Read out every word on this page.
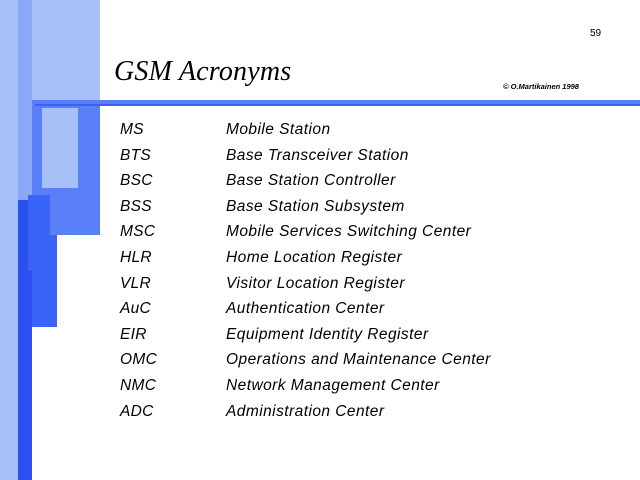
59
GSM Acronyms	© O.Martikainen 1998
MS	Mobile Station
BTS	Base Transceiver Station
BSC	Base Station Controller
BSS	Base Station Subsystem
MSC	Mobile Services Switching Center
HLR	Home Location Register
VLR	Visitor Location Register
AuC	Authentication Center
EIR	Equipment Identity Register
OMC	Operations and Maintenance Center
NMC	Network Management Center
ADC	Administration Center
